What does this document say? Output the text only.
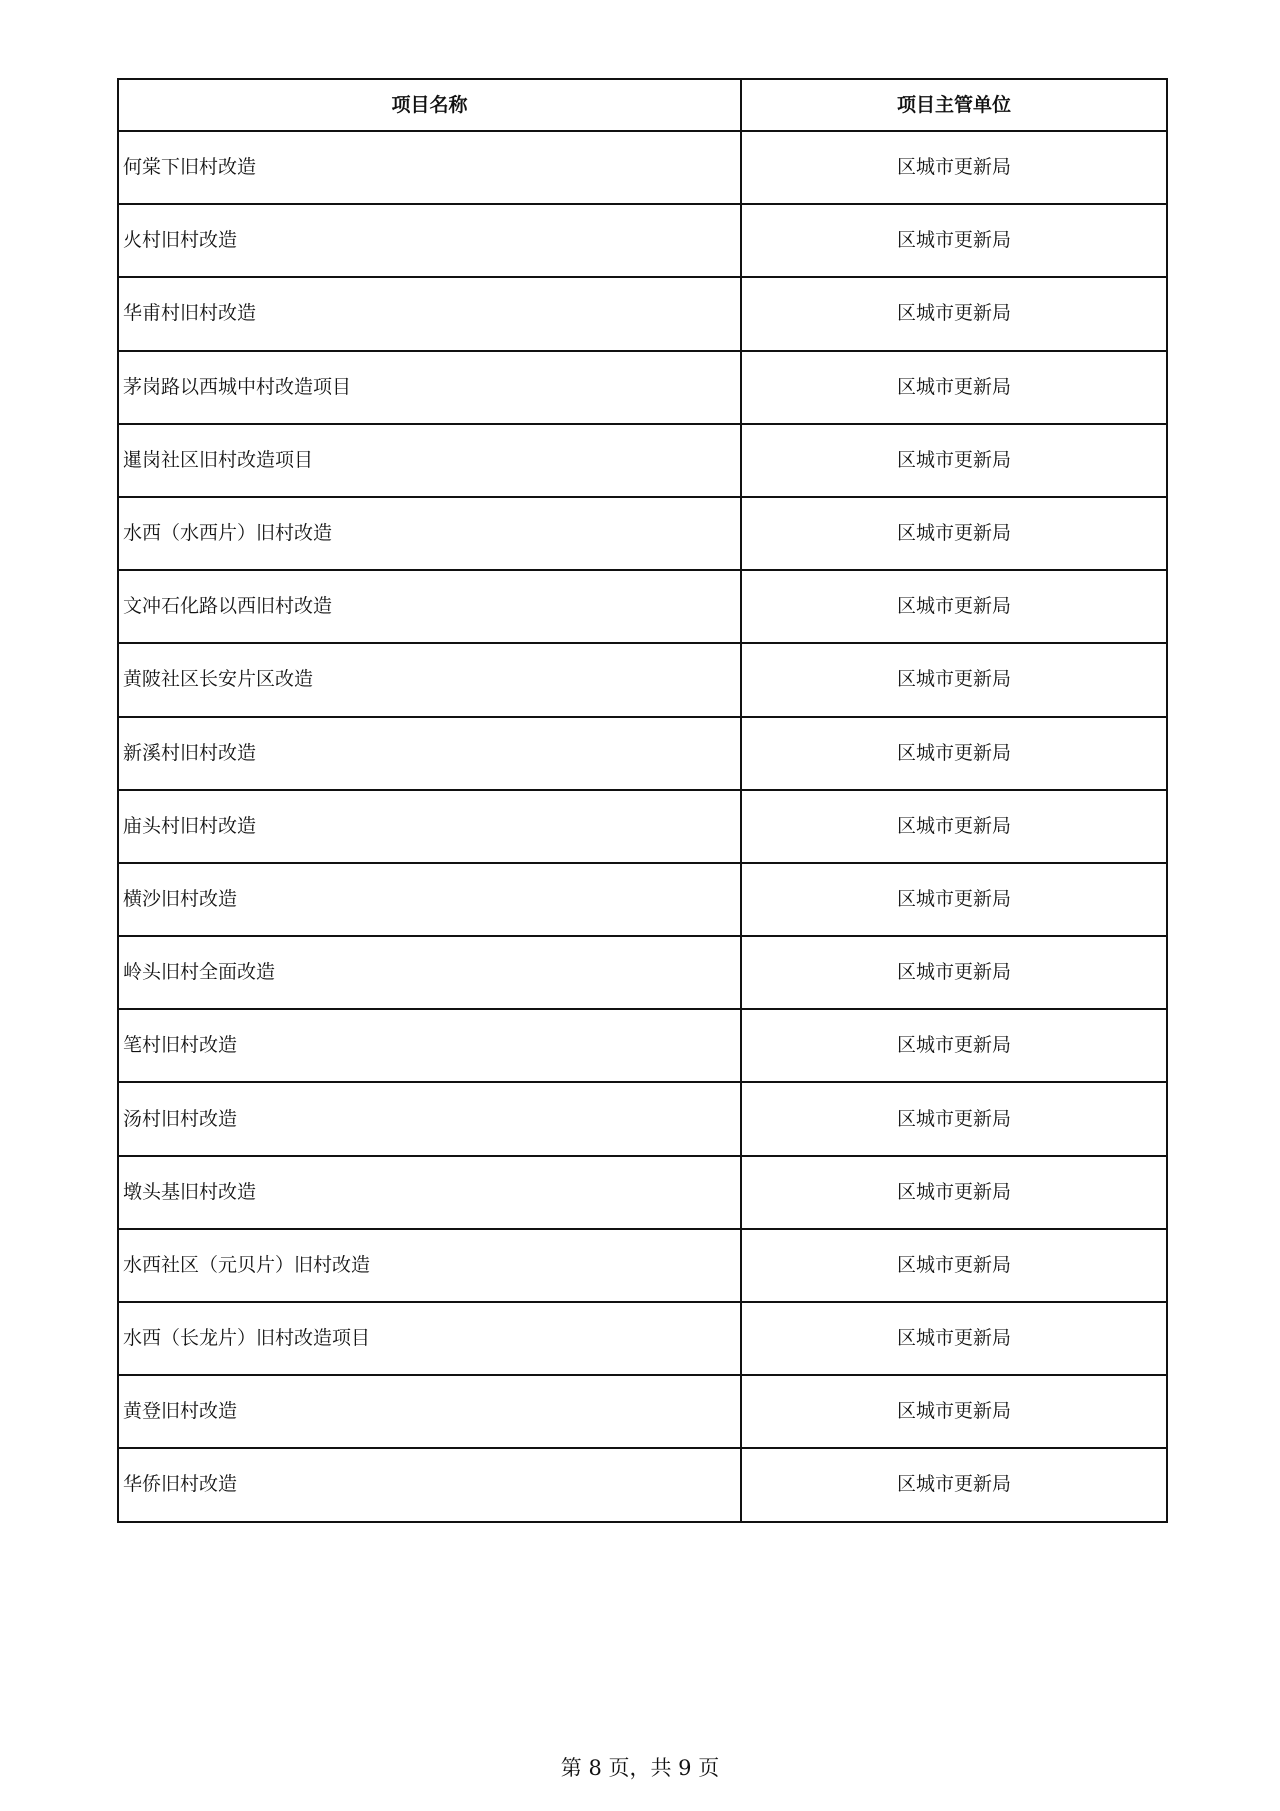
项目名称	项目主管单位
何棠下旧村改造	区城市更新局
火村旧村改造	区城市更新局
华甫村旧村改造	区城市更新局
茅岗路以西城中村改造项目	区城市更新局
暹岗社区旧村改造项目	区城市更新局
水西（水西片）旧村改造	区城市更新局
文冲石化路以西旧村改造	区城市更新局
黄陂社区长安片区改造	区城市更新局
新溪村旧村改造	区城市更新局
庙头村旧村改造	区城市更新局
横沙旧村改造	区城市更新局
岭头旧村全面改造	区城市更新局
笔村旧村改造	区城市更新局
汤村旧村改造	区城市更新局
墩头基旧村改造	区城市更新局
水西社区（元贝片）旧村改造	区城市更新局
水西（长龙片）旧村改造项目	区城市更新局
黄登旧村改造	区城市更新局
华侨旧村改造	区城市更新局
第 8 页，共 9 页
